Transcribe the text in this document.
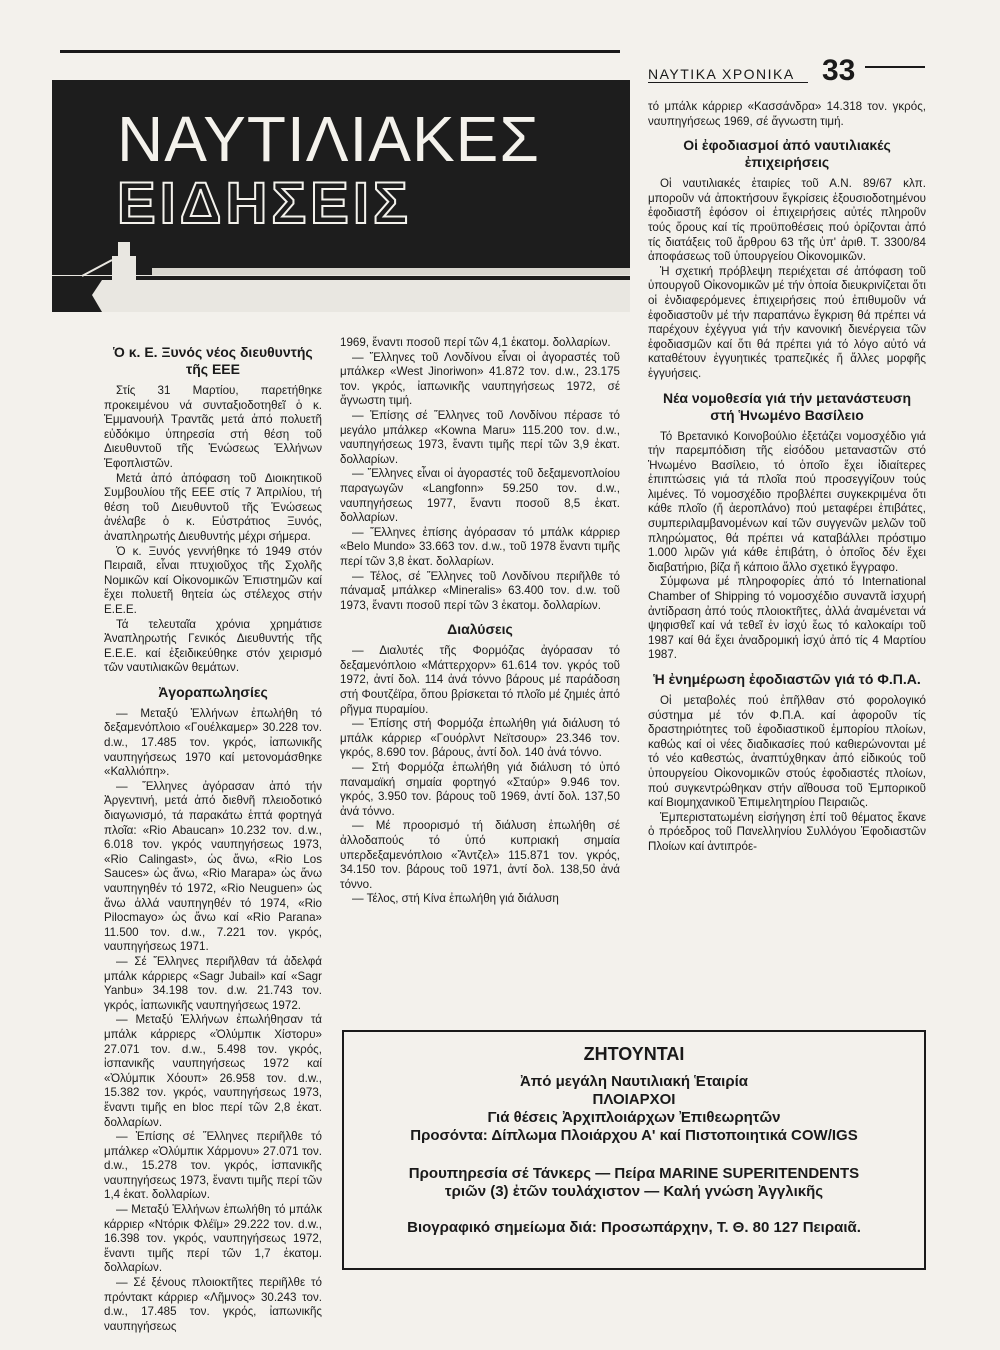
ΝΑΥΤΙΚΑ ΧΡΟΝΙΚΑ 33
ΝΑΥΤΙΛΙΑΚΕΣ
ΕΙΔΗΣΕΙΣ
Ὁ κ. Ε. Ξυνός νέος διευθυντής τῆς ΕΕΕ

Στίς 31 Μαρτίου, παρετήθηκε προκειμένου νά συνταξιοδοτηθεῖ ὁ κ. Ἐμμανουήλ Τραντᾶς μετά ἀπό πολυετῆ εὐδόκιμο ὑπηρεσία στή θέση τοῦ Διευθυντοῦ τῆς Ἑνώσεως Ἑλλήνων Ἐφοπλιστῶν.

Μετά ἀπό ἀπόφαση τοῦ Διοικητικοῦ Συμβουλίου τῆς ΕΕΕ στίς 7 Ἀπριλίου, τή θέση τοῦ Διευθυντοῦ τῆς Ἑνώσεως ἀνέλαβε ὁ κ. Εὐστράτιος Ξυνός, ἀναπληρωτής Διευθυντής μέχρι σήμερα.

Ὁ κ. Ξυνός γεννήθηκε τό 1949 στόν Πειραιᾶ, εἶναι πτυχιοῦχος τῆς Σχολῆς Νομικῶν καί Οἰκονομικῶν Ἐπιστημῶν καί ἔχει πολυετῆ θητεία ὡς στέλεχος στήν Ε.Ε.Ε.

Τά τελευταῖα χρόνια χρημάτισε Ἀναπληρωτής Γενικός Διευθυντής τῆς Ε.Ε.Ε. καί ἐξειδικεύθηκε στόν χειρισμό τῶν ναυτιλιακῶν θεμάτων.

Ἀγοραπωλησίες

— Μεταξύ Ἑλλήνων ἐπωλήθη τό δεξαμενόπλοιο «Γουέλκαμερ» 30.228 τον. d.w., 17.485 τον. γκρός, ἰαπωνικῆς ναυπηγήσεως 1970 καί μετονομάσθηκε «Καλλιόπη».

— Ἕλληνες ἀγόρασαν ἀπό τήν Ἀργεντινή, μετά ἀπό διεθνῆ πλειοδοτικό διαγωνισμό, τά παρακάτω ἑπτά φορτηγά πλοῖα: «Rio Abaucan» 10.232 τον. d.w., 6.018 τον. γκρός ναυπηγήσεως 1973, «Rio Calingast», ὡς ἄνω, «Rio Los Sauces» ὡς ἄνω, «Rio Marapa» ὡς ἄνω ναυπηγηθέν τό 1972, «Rio Neuguen» ὡς ἄνω ἀλλά ναυπηγηθέν τό 1974, «Rio Pilocmayo» ὡς ἄνω καί «Rio Parana» 11.500 τον. d.w., 7.221 τον. γκρός, ναυπηγήσεως 1971.

— Σέ Ἕλληνες περιῆλθαν τά ἀδελφά μπάλκ κάρριερς «Sagr Jubail» καί «Sagr Yanbu» 34.198 τον. d.w. 21.743 τον. γκρός, ἰαπωνικῆς ναυπηγήσεως 1972.

— Μεταξύ Ἑλλήνων ἐπωλήθησαν τά μπάλκ κάρριερς «Ὀλύμπικ Χίστορυ» 27.071 τον. d.w., 5.498 τον. γκρός, ἰσπανικῆς ναυπηγήσεως 1972 καί «Ὀλύμπικ Χόουπ» 26.958 τον. d.w., 15.382 τον. γκρός, ναυπηγήσεως 1973, ἔναντι τιμῆς en bloc περί τῶν 2,8 ἑκατ. δολλαρίων.

— Ἐπίσης σέ Ἕλληνες περιῆλθε τό μπάλκερ «Ὀλύμπικ Χάρμονυ» 27.071 τον. d.w., 15.278 τον. γκρός, ἰσπανικῆς ναυπηγήσεως 1973, ἔναντι τιμῆς περί τῶν 1,4 ἑκατ. δολλαρίων.

— Μεταξύ Ἑλλήνων ἐπωλήθη τό μπάλκ κάρριερ «Ντόρικ Φλέϊμ» 29.222 τον. d.w., 16.398 τον. γκρός, ναυπηγήσεως 1972, ἔναντι τιμῆς περί τῶν 1,7 ἑκατομ. δολλαρίων.

— Σέ ξένους πλοιοκτῆτες περιῆλθε τό πρόντακτ κάρριερ «Λῆμνος» 30.243 τον. d.w., 17.485 τον. γκρός, ἰαπωνικῆς ναυπηγήσεως

1969, ἔναντι ποσοῦ περί τῶν 4,1 ἑκατομ. δολλαρίων.

— Ἕλληνες τοῦ Λονδίνου εἶναι οἱ ἀγοραστές τοῦ μπάλκερ «West Jinoriwon» 41.872 τον. d.w., 23.175 τον. γκρός, ἰαπωνικῆς ναυπηγήσεως 1972, σέ ἄγνωστη τιμή.

— Ἐπίσης σέ Ἕλληνες τοῦ Λονδίνου πέρασε τό μεγάλο μπάλκερ «Kowna Maru» 115.200 τον. d.w., ναυπηγήσεως 1973, ἔναντι τιμῆς περί τῶν 3,9 ἑκατ. δολλαρίων.

— Ἕλληνες εἶναι οἱ ἀγοραστές τοῦ δεξαμενοπλοίου παραγωγῶν «Langfonn» 59.250 τον. d.w., ναυπηγήσεως 1977, ἔναντι ποσοῦ 8,5 ἑκατ. δολλαρίων.

— Ἕλληνες ἐπίσης ἀγόρασαν τό μπάλκ κάρριερ «Belo Mundo» 33.663 τον. d.w., τοῦ 1978 ἔναντι τιμῆς περί τῶν 3,8 ἑκατ. δολλαρίων.

— Τέλος, σέ Ἕλληνες τοῦ Λονδίνου περιῆλθε τό πάναμαξ μπάλκερ «Mineralis» 63.400 τον. d.w. τοῦ 1973, ἔναντι ποσοῦ περί τῶν 3 ἑκατομ. δολλαρίων.

Διαλύσεις

— Διαλυτές τῆς Φορμόζας ἀγόρασαν τό δεξαμενόπλοιο «Μάττερχορν» 61.614 τον. γκρός τοῦ 1972, ἀντί δολ. 114 ἀνά τόννο βάρους μέ παράδοση στή Φουτζέϊρα, ὅπου βρίσκεται τό πλοῖο μέ ζημιές ἀπό ρῆγμα πυραμίου.

— Ἐπίσης στή Φορμόζα ἐπωλήθη γιά διάλυση τό μπάλκ κάρριερ «Γουόρλντ Νεϊτσουρ» 23.346 τον. γκρός, 8.690 τον. βάρους, ἀντί δολ. 140 ἀνά τόννο.

— Στή Φορμόζα ἐπωλήθη γιά διάλυση τό ὑπό παναμαϊκή σημαία φορτηγό «Σταύρ» 9.946 τον. γκρός, 3.950 τον. βάρους τοῦ 1969, ἀντί δολ. 137,50 ἀνά τόννο.

— Μέ προορισμό τή διάλυση ἐπωλήθη σέ ἀλλοδαπούς τό ὑπό κυπριακή σημαία υπερδεξαμενόπλοιο «Ἄντζελ» 115.871 τον. γκρός, 34.150 τον. βάρους τοῦ 1971, ἀντί δολ. 138,50 ἀνά τόννο.

— Τέλος, στή Κίνα ἐπωλήθη γιά διάλυση

τό μπάλκ κάρριερ «Κασσάνδρα» 14.318 τον. γκρός, ναυπηγήσεως 1969, σέ ἄγνωστη τιμή.

Οἱ ἐφοδιασμοί ἀπό ναυτιλιακές ἐπιχειρήσεις

Οἱ ναυτιλιακές ἑταιρίες τοῦ Α.Ν. 89/67 κλπ. μποροῦν νά ἀποκτήσουν ἔγκρίσεις ἐξουσιοδοτημένου ἐφοδιαστῆ ἐφόσον οἱ ἐπιχειρήσεις αὐτές πληροῦν τούς ὅρους καί τίς προϋποθέσεις πού ὁρίζονται ἀπό τίς διατάξεις τοῦ ἄρθρου 63 τῆς ὑπ' ἀριθ. Τ. 3300/84 ἀποφάσεως τοῦ ὑπουργείου Οἰκονομικῶν.

Ἡ σχετική πρόβλεψη περιέχεται σέ ἀπόφαση τοῦ ὑπουργοῦ Οἰκονομικῶν μέ τήν ὁποία διευκρινίζεται ὅτι οἱ ἐνδιαφερόμενες ἐπιχειρήσεις πού ἐπιθυμοῦν νά ἐφοδιαστοῦν μέ τήν παραπάνω ἔγκριση θά πρέπει νά παρέχουν ἐχέγγυα γιά τήν κανονική διενέργεια τῶν ἐφοδιασμῶν καί ὅτι θά πρέπει γιά τό λόγο αὐτό νά καταθέτουν ἐγγυητικές τραπεζικές ἤ ἄλλες μορφῆς ἐγγυήσεις.

Νέα νομοθεσία γιά τήν μετανάστευση στή Ἡνωμένο Βασίλειο

Τό Βρετανικό Κοινοβούλιο ἐξετάζει νομοσχέδιο γιά τήν παρεμπόδιση τῆς εἰσόδου μεταναστῶν στό Ἡνωμένο Βασίλειο, τό ὁποῖο ἔχει ἰδιαίτερες ἐπιπτώσεις γιά τά πλοῖα πού προσεγγίζουν τούς λιμένες. Τό νομοσχέδιο προβλέπει συγκεκριμένα ὅτι κάθε πλοῖο (ἤ ἀεροπλάνο) πού μεταφέρει ἐπιβάτες, συμπεριλαμβανομένων καί τῶν συγγενῶν μελῶν τοῦ πληρώματος, θά πρέπει νά καταβάλλει πρόστιμο 1.000 λιρῶν γιά κάθε ἐπιβάτη, ὁ ὁποῖος δέν ἔχει διαβατήριο, βίζα ἤ κάποιο ἄλλο σχετικό ἔγγραφο.

Σύμφωνα μέ πληροφορίες ἀπό τό International Chamber of Shipping τό νομοσχέδιο συναντᾶ ἰσχυρή ἀντίδραση ἀπό τούς πλοιοκτῆτες, ἀλλά ἀναμένεται νά ψηφισθεῖ καί νά τεθεῖ ἐν ἰσχύ ἕως τό καλοκαίρι τοῦ 1987 καί θά ἔχει ἀναδρομική ἰσχύ ἀπό τίς 4 Μαρτίου 1987.

Ἡ ἐνημέρωση ἐφοδιαστῶν γιά τό Φ.Π.Α.

Οἱ μεταβολές πού ἐπῆλθαν στό φορολογικό σύστημα μέ τόν Φ.Π.Α. καί ἀφοροῦν τίς δραστηριότητες τοῦ ἐφοδιαστικοῦ ἐμπορίου πλοίων, καθώς καί οἱ νέες διαδικασίες πού καθιερώνονται μέ τό νέο καθεστώς, ἀναπτύχθηκαν ἀπό εἰδικούς τοῦ ὑπουργείου Οἰκονομικῶν στούς ἐφοδιαστές πλοίων, πού συγκεντρώθηκαν στήν αἴθουσα τοῦ Ἐμπορικοῦ καί Βιομηχανικοῦ Ἐπιμελητηρίου Πειραιῶς.

Ἐμπεριστατωμένη εἰσήγηση ἐπί τοῦ θέματος ἔκανε ὁ πρόεδρος τοῦ Πανελληνίου Συλλόγου Ἐφοδιαστῶν Πλοίων καί ἀντιπρόε-

ΖΗΤΟΥΝΤΑΙ
Ἀπό μεγάλη Ναυτιλιακή Ἑταιρία
ΠΛΟΙΑΡΧΟΙ
Γιά θέσεις Ἀρχιπλοιάρχων Ἐπιθεωρητῶν
Προσόντα: Δίπλωμα Πλοιάρχου Α' καί Πιστοποιητικά COW/IGS
Προυπηρεσία σέ Τάνκερς — Πείρα MARINE SUPERITENDENTS
τριῶν (3) ἐτῶν τουλάχιστον — Καλή γνώση Ἀγγλικῆς
Βιογραφικό σημείωμα διά: Προσωπάρχην, Τ. Θ. 80 127 Πειραιᾶ.
